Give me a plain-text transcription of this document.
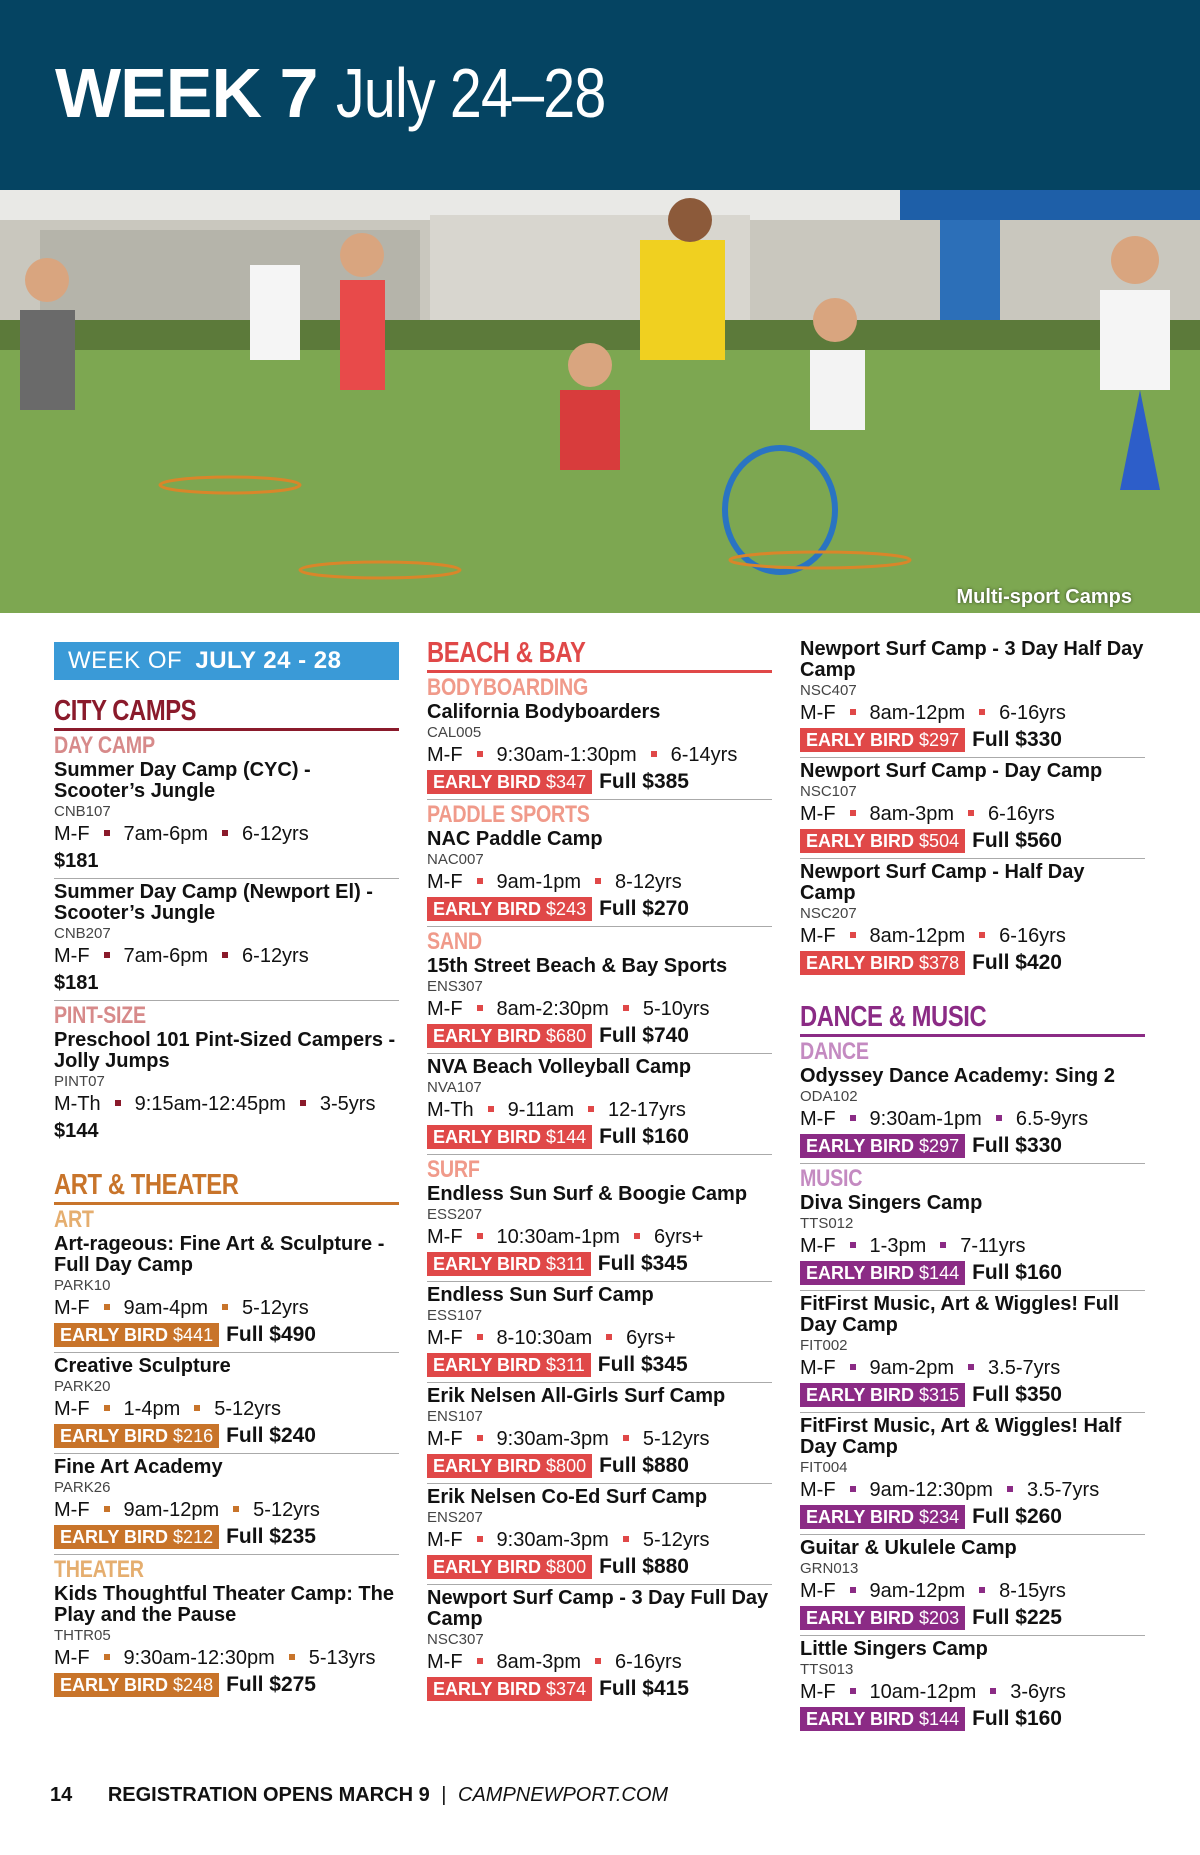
WEEK 7 July 24–28
Multi-sport Camps
WEEK OF JULY 24 - 28
CITY CAMPS
DAY CAMP
Summer Day Camp (CYC) - Scooter’s Jungle
CNB107
M-F 7am-6pm 6-12yrs
$181
Summer Day Camp (Newport El) - Scooter’s Jungle
CNB207
M-F 7am-6pm 6-12yrs
$181
PINT-SIZE
Preschool 101 Pint-Sized Campers - Jolly Jumps
PINT07
M-Th 9:15am-12:45pm 3-5yrs
$144
ART & THEATER
ART
Art-rageous: Fine Art & Sculpture - Full Day Camp
PARK10
M-F 9am-4pm 5-12yrs
EARLY BIRD $441 Full $490
Creative Sculpture
PARK20
M-F 1-4pm 5-12yrs
EARLY BIRD $216 Full $240
Fine Art Academy
PARK26
M-F 9am-12pm 5-12yrs
EARLY BIRD $212 Full $235
THEATER
Kids Thoughtful Theater Camp: The Play and the Pause
THTR05
M-F 9:30am-12:30pm 5-13yrs
EARLY BIRD $248 Full $275
BEACH & BAY
BODYBOARDING
California Bodyboarders
CAL005
M-F 9:30am-1:30pm 6-14yrs
EARLY BIRD $347 Full $385
PADDLE SPORTS
NAC Paddle Camp
NAC007
M-F 9am-1pm 8-12yrs
EARLY BIRD $243 Full $270
SAND
15th Street Beach & Bay Sports
ENS307
M-F 8am-2:30pm 5-10yrs
EARLY BIRD $680 Full $740
NVA Beach Volleyball Camp
NVA107
M-Th 9-11am 12-17yrs
EARLY BIRD $144 Full $160
SURF
Endless Sun Surf & Boogie Camp
ESS207
M-F 10:30am-1pm 6yrs+
EARLY BIRD $311 Full $345
Endless Sun Surf Camp
ESS107
M-F 8-10:30am 6yrs+
EARLY BIRD $311 Full $345
Erik Nelsen All-Girls Surf Camp
ENS107
M-F 9:30am-3pm 5-12yrs
EARLY BIRD $800 Full $880
Erik Nelsen Co-Ed Surf Camp
ENS207
M-F 9:30am-3pm 5-12yrs
EARLY BIRD $800 Full $880
Newport Surf Camp - 3 Day Full Day Camp
NSC307
M-F 8am-3pm 6-16yrs
EARLY BIRD $374 Full $415
Newport Surf Camp - 3 Day Half Day Camp
NSC407
M-F 8am-12pm 6-16yrs
EARLY BIRD $297 Full $330
Newport Surf Camp - Day Camp
NSC107
M-F 8am-3pm 6-16yrs
EARLY BIRD $504 Full $560
Newport Surf Camp - Half Day Camp
NSC207
M-F 8am-12pm 6-16yrs
EARLY BIRD $378 Full $420
DANCE & MUSIC
DANCE
Odyssey Dance Academy: Sing 2
ODA102
M-F 9:30am-1pm 6.5-9yrs
EARLY BIRD $297 Full $330
MUSIC
Diva Singers Camp
TTS012
M-F 1-3pm 7-11yrs
EARLY BIRD $144 Full $160
FitFirst Music, Art & Wiggles! Full Day Camp
FIT002
M-F 9am-2pm 3.5-7yrs
EARLY BIRD $315 Full $350
FitFirst Music, Art & Wiggles! Half Day Camp
FIT004
M-F 9am-12:30pm 3.5-7yrs
EARLY BIRD $234 Full $260
Guitar & Ukulele Camp
GRN013
M-F 9am-12pm 8-15yrs
EARLY BIRD $203 Full $225
Little Singers Camp
TTS013
M-F 10am-12pm 3-6yrs
EARLY BIRD $144 Full $160
14 REGISTRATION OPENS MARCH 9 | CAMPNEWPORT.COM
